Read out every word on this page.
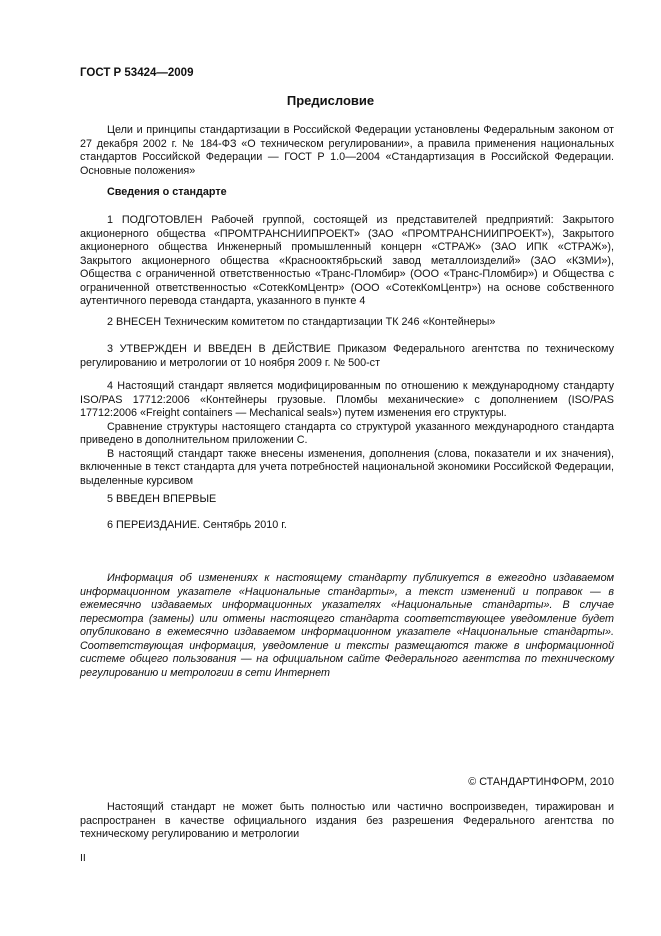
ГОСТ Р 53424—2009
Предисловие

Цели и принципы стандартизации в Российской Федерации установлены Федеральным законом от 27 декабря 2002 г. № 184-ФЗ «О техническом регулировании», а правила применения национальных стандартов Российской Федерации — ГОСТ Р 1.0—2004 «Стандартизация в Российской Федерации. Основные положения»

Сведения о стандарте

1 ПОДГОТОВЛЕН Рабочей группой, состоящей из представителей предприятий: Закрытого акционерного общества «ПРОМТРАНСНИИПРОЕКТ» (ЗАО «ПРОМТРАНСНИИПРОЕКТ»), Закрытого акционерного общества Инженерный промышленный концерн «СТРАЖ» (ЗАО ИПК «СТРАЖ»), Закрытого акционерного общества «Красноoктябрьский завод металлоизделий» (ЗАО «КЗМИ»), Общества с ограниченной ответственностью «Транс-Пломбир» (ООО «Транс-Пломбир») и Общества с ограниченной ответственностью «СотекКомЦентр» (ООО «СотекКомЦентр») на основе собственного аутентичного перевода стандарта, указанного в пункте 4

2 ВНЕСЕН Техническим комитетом по стандартизации ТК 246 «Контейнеры»

3 УТВЕРЖДЕН И ВВЕДЕН В ДЕЙСТВИЕ Приказом Федерального агентства по техническому регулированию и метрологии от 10 ноября 2009 г. № 500-ст

4 Настоящий стандарт является модифицированным по отношению к международному стандарту ISO/PAS 17712:2006 «Контейнеры грузовые. Пломбы механические» с дополнением (ISO/PAS 17712:2006 «Freight containers — Mechanical seals») путем изменения его структуры.

Сравнение структуры настоящего стандарта со структурой указанного международного стандарта приведено в дополнительном приложении С.

В настоящий стандарт также внесены изменения, дополнения (слова, показатели и их значения), включенные в текст стандарта для учета потребностей национальной экономики Российской Федерации, выделенные курсивом

5 ВВЕДЕН ВПЕРВЫЕ

6 ПЕРЕИЗДАНИЕ. Сентябрь 2010 г.

Информация об изменениях к настоящему стандарту публикуется в ежегодно издаваемом информационном указателе «Национальные стандарты», а текст изменений и поправок — в ежемесячно издаваемых информационных указателях «Национальные стандарты». В случае пересмотра (замены) или отмены настоящего стандарта соответствующее уведомление будет опубликовано в ежемесячно издаваемом информационном указателе «Национальные стандарты». Соответствующая информация, уведомление и тексты размещаются также в информационной системе общего пользования — на официальном сайте Федерального агентства по техническому регулированию и метрологии в сети Интернет

© СТАНДАРТИНФОРМ, 2010

Настоящий стандарт не может быть полностью или частично воспроизведен, тиражирован и распространен в качестве официального издания без разрешения Федерального агентства по техническому регулированию и метрологии

II
